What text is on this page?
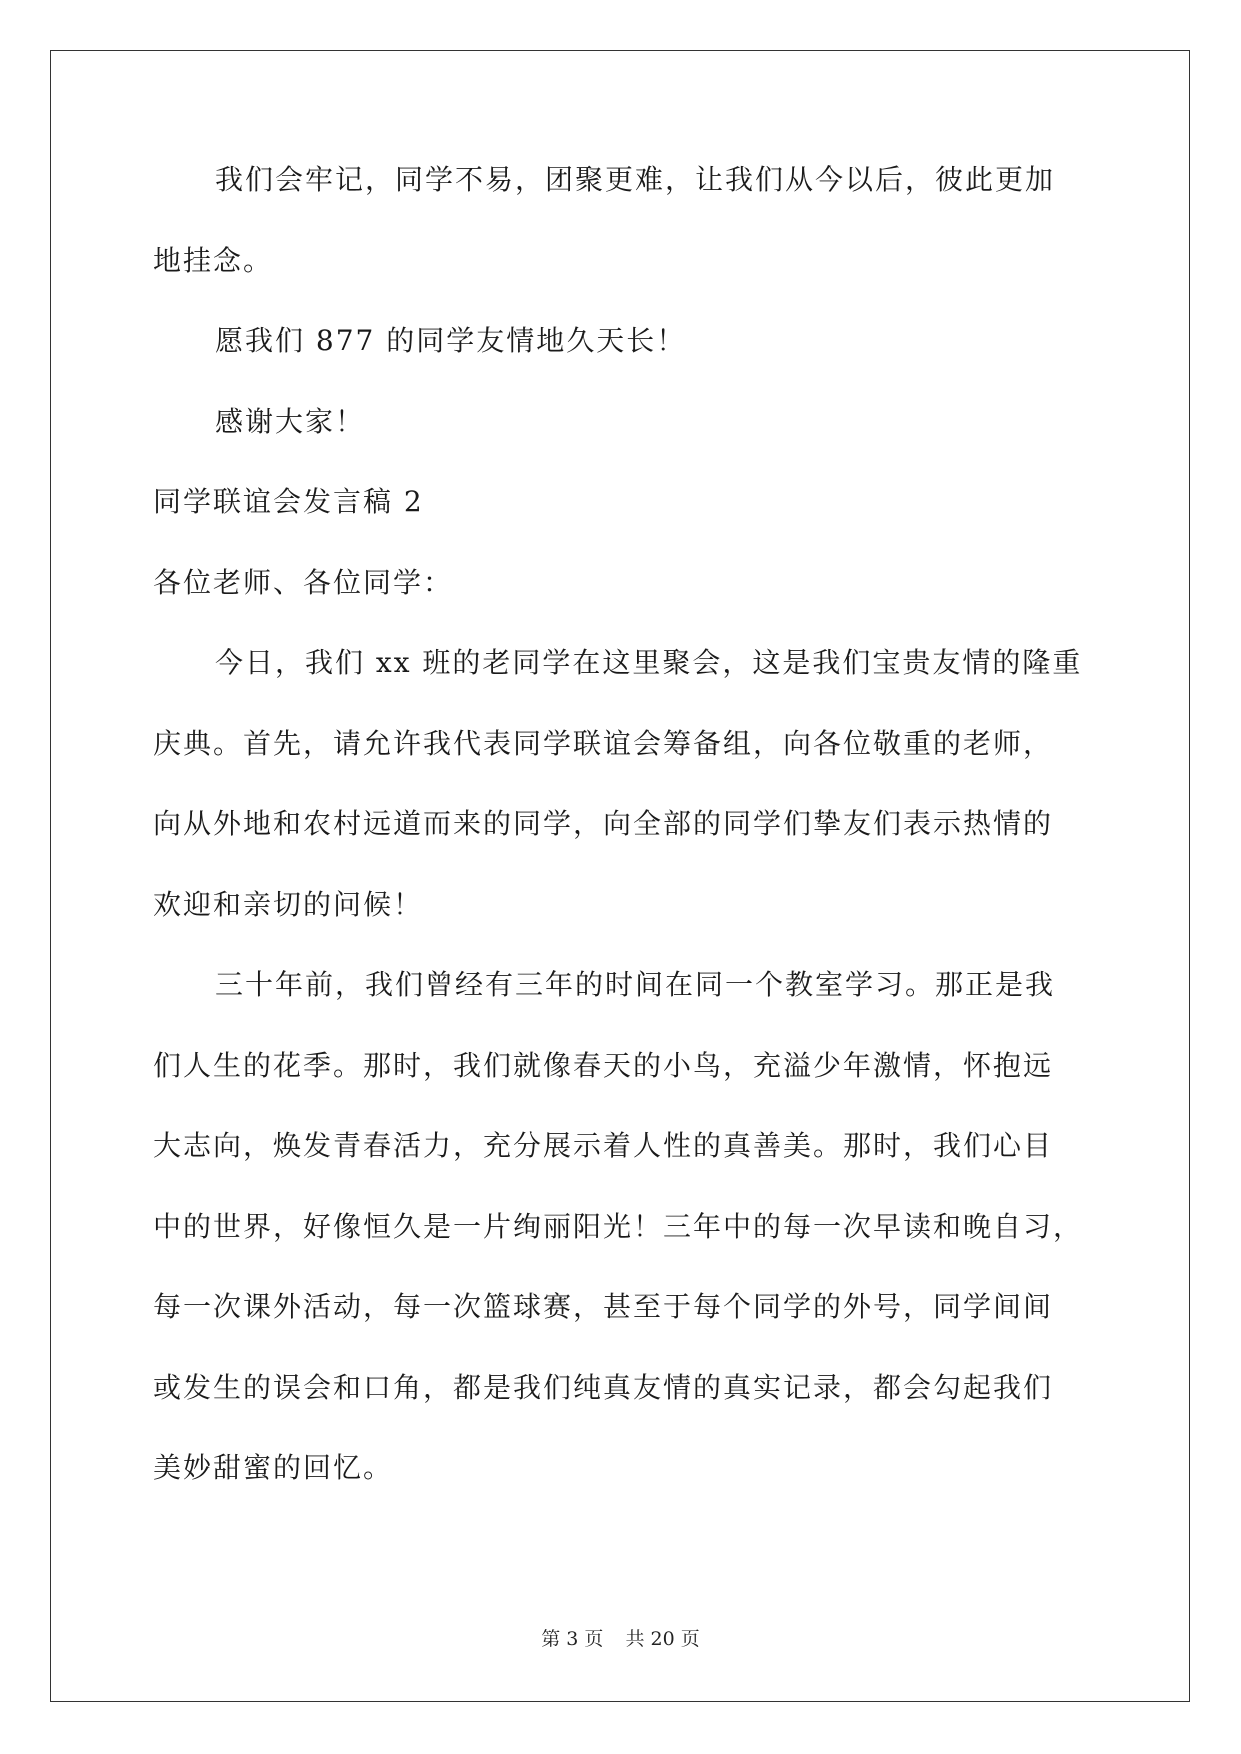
我们会牢记，同学不易，团聚更难，让我们从今以后，彼此更加
地挂念。
愿我们 877 的同学友情地久天长！
感谢大家！
同学联谊会发言稿 2
各位老师、各位同学：
今日，我们 xx 班的老同学在这里聚会，这是我们宝贵友情的隆重
庆典。首先，请允许我代表同学联谊会筹备组，向各位敬重的老师，
向从外地和农村远道而来的同学，向全部的同学们挚友们表示热情的
欢迎和亲切的问候！
三十年前，我们曾经有三年的时间在同一个教室学习。那正是我
们人生的花季。那时，我们就像春天的小鸟，充溢少年激情，怀抱远
大志向，焕发青春活力，充分展示着人性的真善美。那时，我们心目
中的世界，好像恒久是一片绚丽阳光！三年中的每一次早读和晚自习，
每一次课外活动，每一次篮球赛，甚至于每个同学的外号，同学间间
或发生的误会和口角，都是我们纯真友情的真实记录，都会勾起我们
美妙甜蜜的回忆。
第 3 页 共 20 页
